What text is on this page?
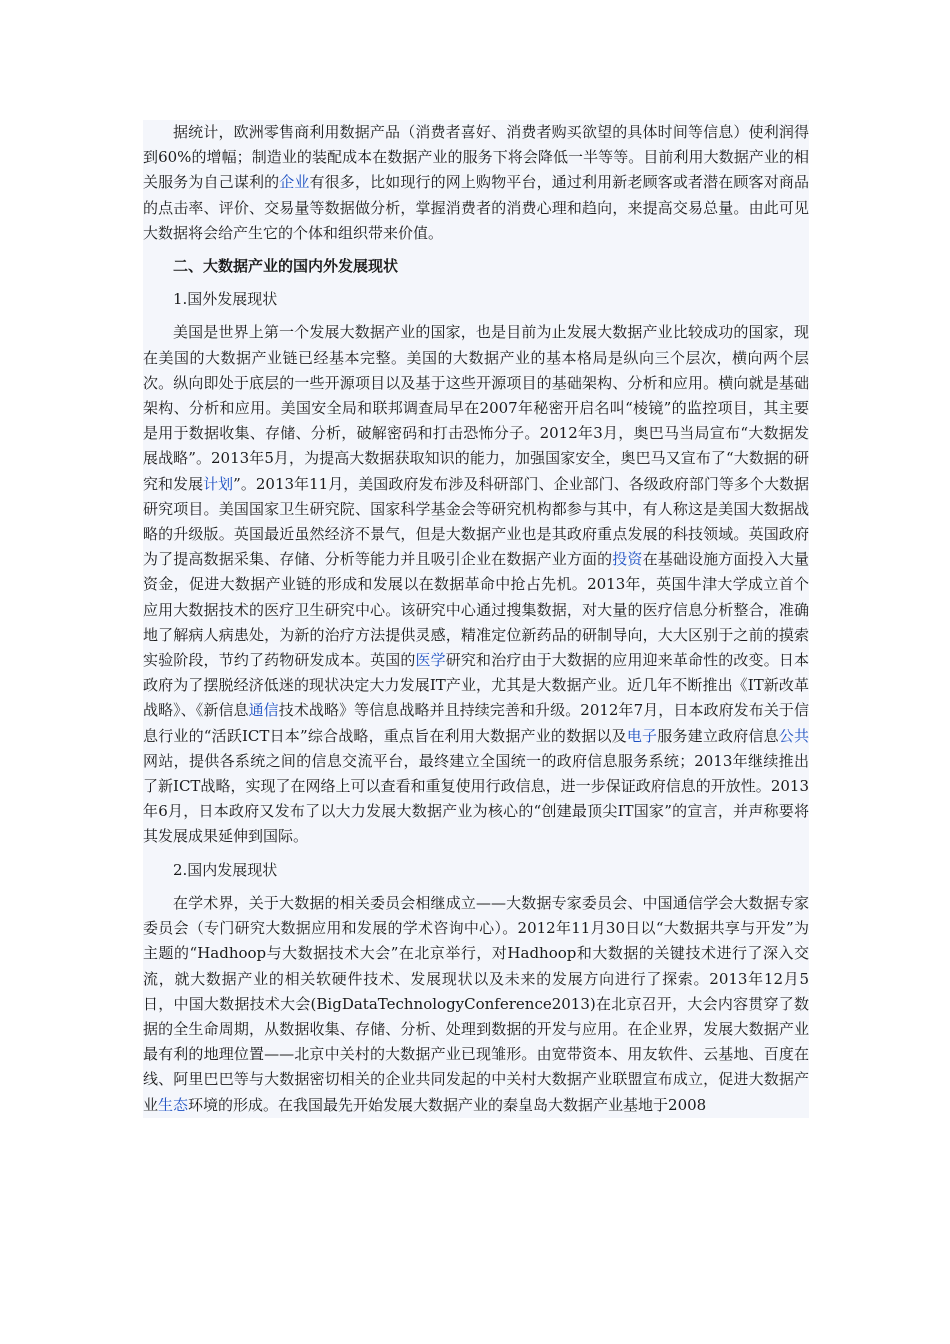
据统计，欧洲零售商利用数据产品（消费者喜好、消费者购买欲望的具体时间等信息）使利润得到60%的增幅；制造业的装配成本在数据产业的服务下将会降低一半等等。目前利用大数据产业的相关服务为自己谋利的企业有很多，比如现行的网上购物平台，通过利用新老顾客或者潜在顾客对商品的点击率、评价、交易量等数据做分析，掌握消费者的消费心理和趋向，来提高交易总量。由此可见大数据将会给产生它的个体和组织带来价值。

二、大数据产业的国内外发展现状

1.国外发展现状

美国是世界上第一个发展大数据产业的国家，也是目前为止发展大数据产业比较成功的国家，现在美国的大数据产业链已经基本完整。美国的大数据产业的基本格局是纵向三个层次，横向两个层次。纵向即处于底层的一些开源项目以及基于这些开源项目的基础架构、分析和应用。横向就是基础架构、分析和应用。美国安全局和联邦调查局早在2007年秘密开启名叫“棱镜”的监控项目，其主要是用于数据收集、存储、分析，破解密码和打击恐怖分子。2012年3月，奥巴马当局宣布“大数据发展战略”。2013年5月，为提高大数据获取知识的能力，加强国家安全，奥巴马又宣布了“大数据的研究和发展计划”。2013年11月，美国政府发布涉及科研部门、企业部门、各级政府部门等多个大数据研究项目。美国国家卫生研究院、国家科学基金会等研究机构都参与其中，有人称这是美国大数据战略的升级版。英国最近虽然经济不景气，但是大数据产业也是其政府重点发展的科技领域。英国政府为了提高数据采集、存储、分析等能力并且吸引企业在数据产业方面的投资在基础设施方面投入大量资金，促进大数据产业链的形成和发展以在数据革命中抢占先机。2013年，英国牛津大学成立首个应用大数据技术的医疗卫生研究中心。该研究中心通过搜集数据，对大量的医疗信息分析整合，准确地了解病人病患处，为新的治疗方法提供灵感，精准定位新药品的研制导向，大大区别于之前的摸索实验阶段，节约了药物研发成本。英国的医学研究和治疗由于大数据的应用迎来革命性的改变。日本政府为了摆脱经济低迷的现状决定大力发展IT产业，尤其是大数据产业。近几年不断推出《IT新改革战略》、《新信息通信技术战略》等信息战略并且持续完善和升级。2012年7月，日本政府发布关于信息行业的“活跃ICT日本”综合战略，重点旨在利用大数据产业的数据以及电子服务建立政府信息公共网站，提供各系统之间的信息交流平台，最终建立全国统一的政府信息服务系统；2013年继续推出了新ICT战略，实现了在网络上可以查看和重复使用行政信息，进一步保证政府信息的开放性。2013年6月，日本政府又发布了以大力发展大数据产业为核心的“创建最顶尖IT国家”的宣言，并声称要将其发展成果延伸到国际。

2.国内发展现状

在学术界，关于大数据的相关委员会相继成立——大数据专家委员会、中国通信学会大数据专家委员会（专门研究大数据应用和发展的学术咨询中心）。2012年11月30日以“大数据共享与开发”为主题的“Hadhoop与大数据技术大会”在北京举行，对Hadhoop和大数据的关键技术进行了深入交流，就大数据产业的相关软硬件技术、发展现状以及未来的发展方向进行了探索。2013年12月5日，中国大数据技术大会(BigDataTechnologyConference2013)在北京召开，大会内容贯穿了数据的全生命周期，从数据收集、存储、分析、处理到数据的开发与应用。在企业界，发展大数据产业最有利的地理位置——北京中关村的大数据产业已现雏形。由宽带资本、用友软件、云基地、百度在线、阿里巴巴等与大数据密切相关的企业共同发起的中关村大数据产业联盟宣布成立，促进大数据产业生态环境的形成。在我国最先开始发展大数据产业的秦皇岛大数据产业基地于2008
